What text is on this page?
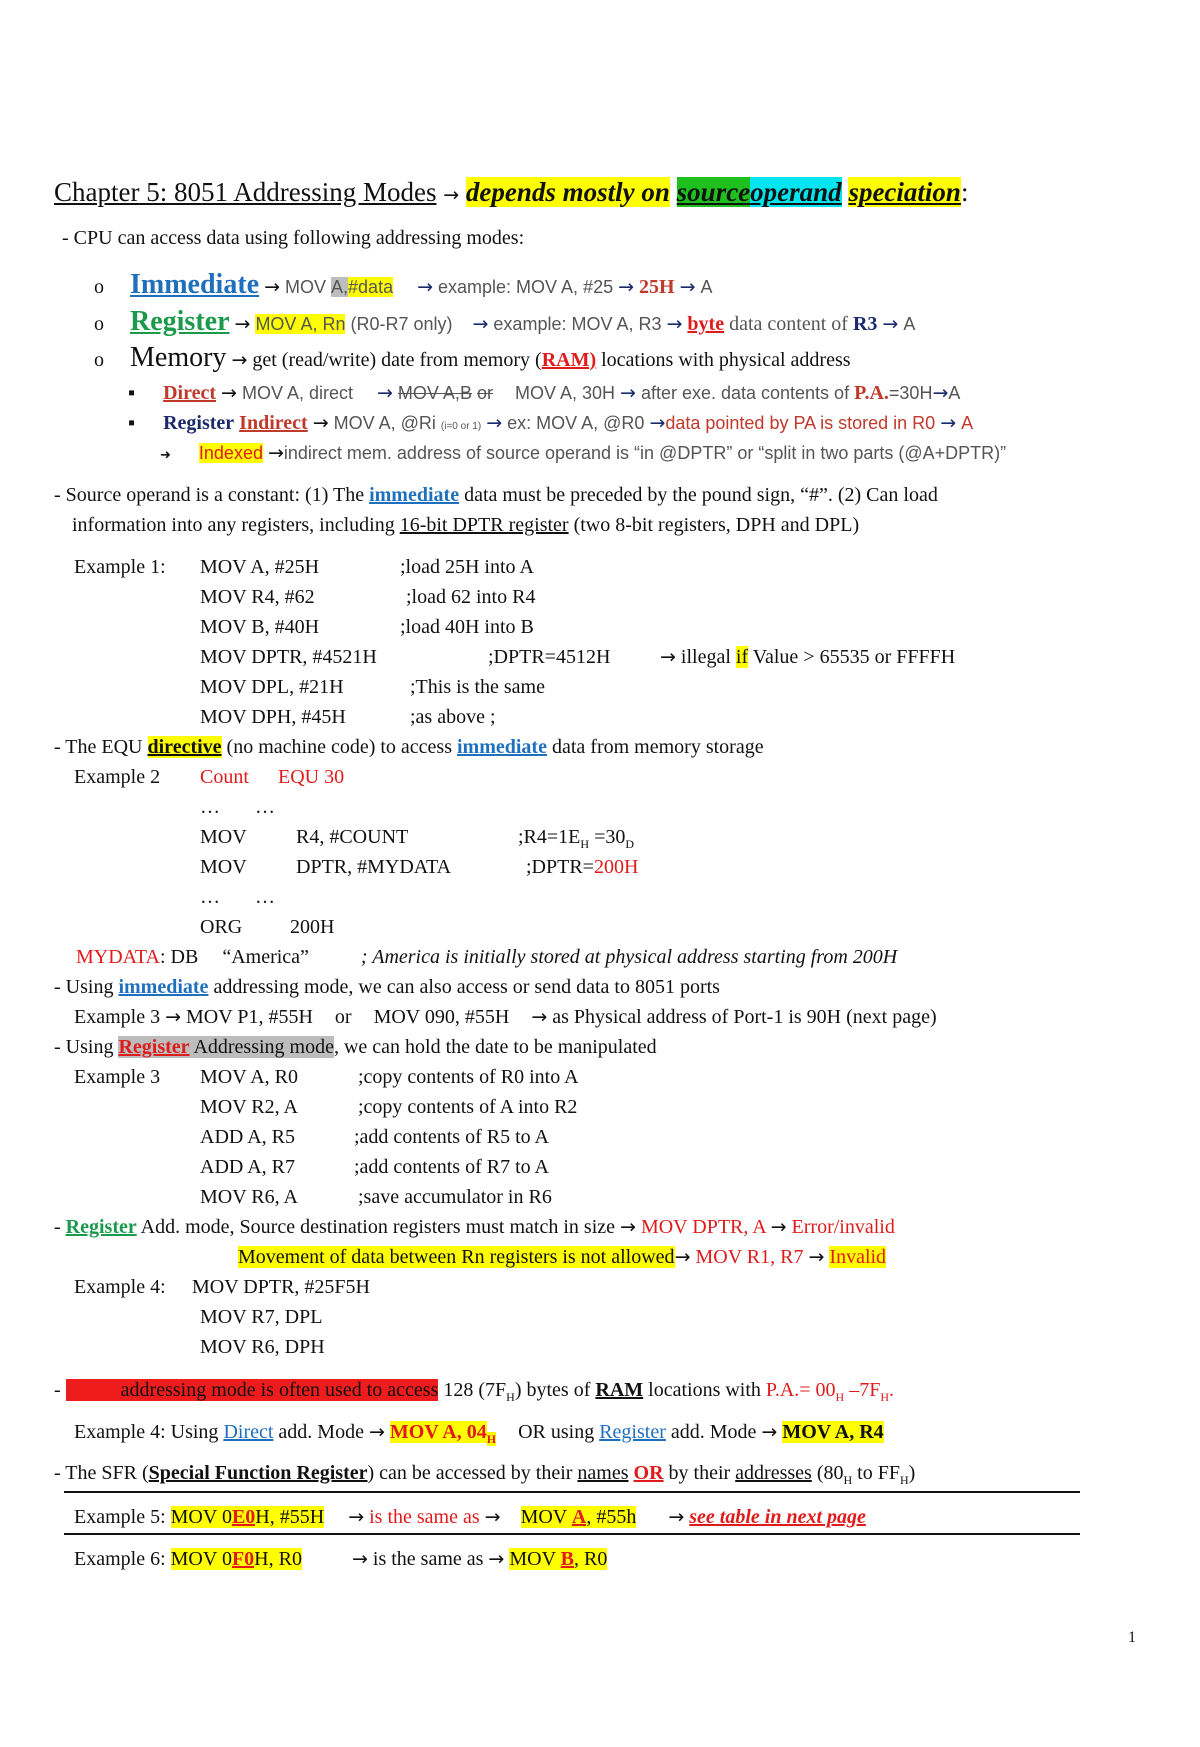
Chapter 5: 8051 Addressing Modes → depends mostly on sourceoperand speciation:
- CPU can access data using following addressing modes:
o Immediate → MOV A,#data → example: MOV A, #25 → 25H → A
o Register → MOV A, Rn (R0-R7 only) → example: MOV A, R3 → byte data content of R3 → A
o Memory → get (read/write) date from memory (RAM) locations with physical address
▪ Direct → MOV A, direct → MOV A,B or MOV A, 30H → after exe. data contents of P.A.=30H→A
▪ Register Indirect → MOV A, @Ri (i=0 or 1) → ex: MOV A, @R0 →data pointed by PA is stored in R0 → A
➜ Indexed →indirect mem. address of source operand is “in @DPTR” or “split in two parts (@A+DPTR)”
- Source operand is a constant: (1) The immediate data must be preceded by the pound sign, “#”. (2) Can load
information into any registers, including 16-bit DPTR register (two 8-bit registers, DPH and DPL)
Example 1: MOV A, #25H	;load 25H into A
MOV R4, #62	;load 62 into R4
MOV B, #40H	;load 40H into B
MOV DPTR, #4521H	;DPTR=4512H	→ illegal if Value > 65535 or FFFFH
MOV DPL, #21H	;This is the same
MOV DPH, #45H	;as above ;
- The EQU directive (no machine code) to access immediate data from memory storage
Example 2 Count EQU 30
… …
MOV R4, #COUNT	$;R4=1E_H =30_D$
MOV DPTR, #MYDATA	;DPTR=200H
… …
ORG 200H
MYDATA: DB “America”	; America is initially stored at physical address starting from 200H
- Using immediate addressing mode, we can also access or send data to 8051 ports
Example 3 → MOV P1, #55H or MOV 090, #55H → as Physical address of Port-1 is 90H (next page)
- Using Register Addressing mode, we can hold the date to be manipulated
Example 3 MOV A, R0	;copy contents of R0 into A
MOV R2, A	;copy contents of A into R2
ADD A, R5	;add contents of R5 to A
ADD A, R7	;add contents of R7 to A
MOV R6, A	;save accumulator in R6
- Register Add. mode, Source destination registers must match in size → MOV DPTR, A → Error/invalid
Movement of data between Rn registers is not allowed→ MOV R1, R7 → Invalid
Example 4: MOV DPTR, #25F5H
MOV R7, DPL
MOV R6, DPH
- Direct addressing mode is often used to access 128 $(7F_H)$ bytes of RAM locations with $P.A.= 00_H$ $-7F_H$.
Example 4: Using Direct add. Mode → MOV A, $04_H$ OR using Register add. Mode → MOV A, R4
- The SFR (Special Function Register) can be accessed by their names OR by their addresses ($80_H$ to $FF_H$)
Example 5: MOV 0E0H, #55H → is the same as → MOV A, #55h → see table in next page
Example 6: MOV 0F0H, R0	→ is the same as → MOV B, R0
1
